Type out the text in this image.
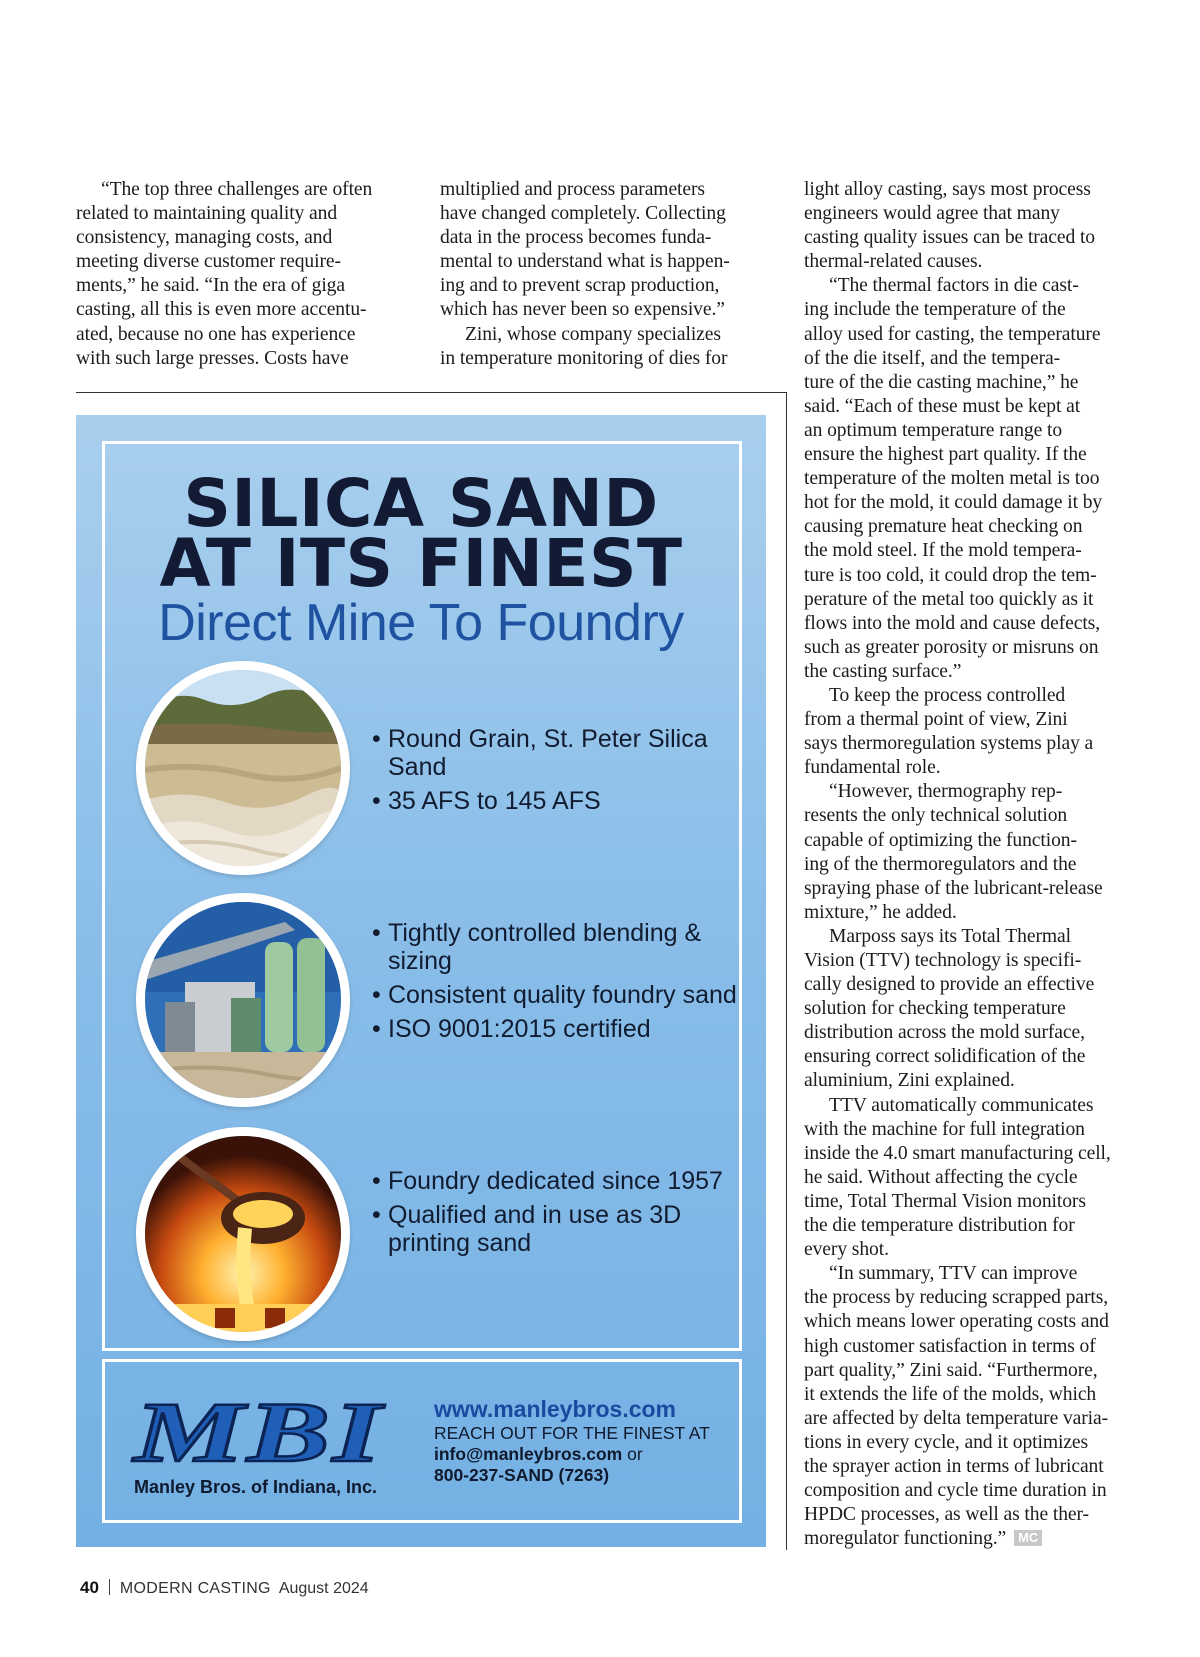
“The top three challenges are often

related to maintaining quality and

consistency, managing costs, and

meeting diverse customer require-

ments,” he said. “In the era of giga

casting, all this is even more accentu-

ated, because no one has experience

with such large presses. Costs have

multiplied and process parameters

have changed completely. Collecting

data in the process becomes funda-

mental to understand what is happen-

ing and to prevent scrap production,

which has never been so expensive.”

Zini, whose company specializes

in temperature monitoring of dies for

light alloy casting, says most process

engineers would agree that many

casting quality issues can be traced to

thermal-related causes.

“The thermal factors in die cast-

ing include the temperature of the

alloy used for casting, the temperature

of the die itself, and the tempera-

ture of the die casting machine,” he

said. “Each of these must be kept at

an optimum temperature range to

ensure the highest part quality. If the

temperature of the molten metal is too

hot for the mold, it could damage it by

causing premature heat checking on

the mold steel. If the mold tempera-

ture is too cold, it could drop the tem-

perature of the metal too quickly as it

flows into the mold and cause defects,

such as greater porosity or misruns on

the casting surface.”

To keep the process controlled

from a thermal point of view, Zini

says thermoregulation systems play a

fundamental role.

“However, thermography rep-

resents the only technical solution

capable of optimizing the function-

ing of the thermoregulators and the

spraying phase of the lubricant-release

mixture,” he added.

Marposs says its Total Thermal

Vision (TTV) technology is specifi-

cally designed to provide an effective

solution for checking temperature

distribution across the mold surface,

ensuring correct solidification of the

aluminium, Zini explained.

TTV automatically communicates

with the machine for full integration

inside the 4.0 smart manufacturing cell,

he said. Without affecting the cycle

time, Total Thermal Vision monitors

the die temperature distribution for

every shot.

“In summary, TTV can improve

the process by reducing scrapped parts,

which means lower operating costs and

high customer satisfaction in terms of

part quality,” Zini said. “Furthermore,

it extends the life of the molds, which

are affected by delta temperature varia-

tions in every cycle, and it optimizes

the sprayer action in terms of lubricant

composition and cycle time duration in

HPDC processes, as well as the ther-

moregulator functioning.” MC

SILICA SAND
AT ITS FINEST
Direct Mine To Foundry
• Round Grain, St. Peter Silica Sand
• 35 AFS to 145 AFS
• Tightly controlled blending & sizing
• Consistent quality foundry sand
• ISO 9001:2015 certified
• Foundry dedicated since 1957
• Qualified and in use as 3D printing sand
MBI
Manley Bros. of Indiana, Inc.
www.manleybros.com
REACH OUT FOR THE FINEST AT
info@manleybros.com or
800-237-SAND (7263)
40 MODERN CASTING August 2024
